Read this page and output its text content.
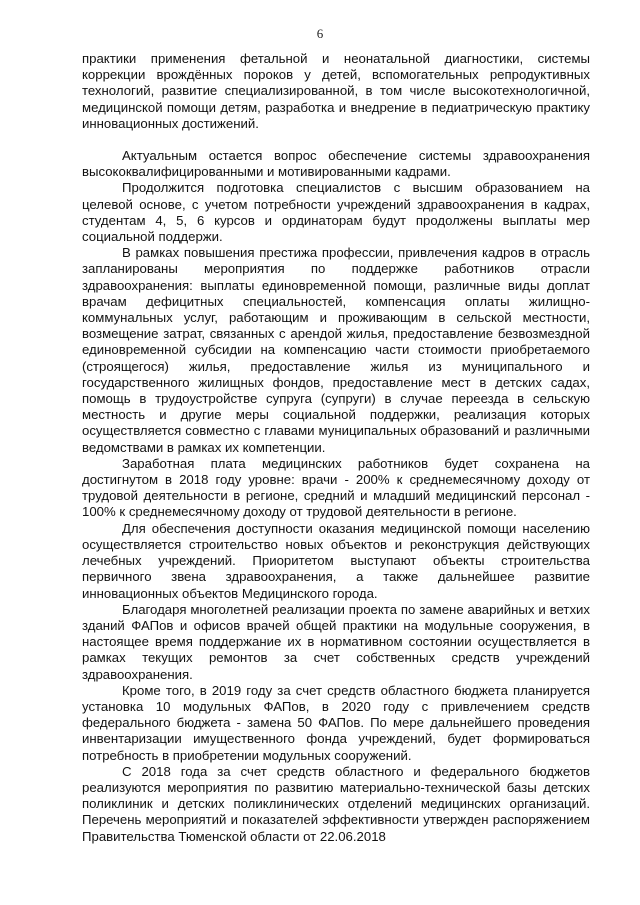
6

практики применения фетальной и неонатальной диагностики, системы коррекции врождённых пороков у детей, вспомогательных репродуктивных технологий, развитие специализированной, в том числе высокотехнологичной, медицинской помощи детям, разработка и внедрение в педиатрическую практику инновационных достижений.

Актуальным остается вопрос обеспечение системы здравоохранения высококвалифицированными и мотивированными кадрами.

Продолжится подготовка специалистов с высшим образованием на целевой основе, с учетом потребности учреждений здравоохранения в кадрах, студентам 4, 5, 6 курсов и ординаторам будут продолжены выплаты мер социальной поддержи.

В рамках повышения престижа профессии, привлечения кадров в отрасль запланированы мероприятия по поддержке работников отрасли здравоохранения: выплаты единовременной помощи, различные виды доплат врачам дефицитных специальностей, компенсация оплаты жилищно-коммунальных услуг, работающим и проживающим в сельской местности, возмещение затрат, связанных с арендой жилья, предоставление безвозмездной единовременной субсидии на компенсацию части стоимости приобретаемого (строящегося) жилья, предоставление жилья из муниципального и государственного жилищных фондов, предоставление мест в детских садах, помощь в трудоустройстве супруга (супруги) в случае переезда в сельскую местность и другие меры социальной поддержки, реализация которых осуществляется совместно с главами муниципальных образований и различными ведомствами в рамках их компетенции.

Заработная плата медицинских работников будет сохранена на достигнутом в 2018 году уровне: врачи - 200% к среднемесячному доходу от трудовой деятельности в регионе, средний и младший медицинский персонал - 100% к среднемесячному доходу от трудовой деятельности в регионе.

Для обеспечения доступности оказания медицинской помощи населению осуществляется строительство новых объектов и реконструкция действующих лечебных учреждений. Приоритетом выступают объекты строительства первичного звена здравоохранения, а также дальнейшее развитие инновационных объектов Медицинского города.

Благодаря многолетней реализации проекта по замене аварийных и ветхих зданий ФАПов и офисов врачей общей практики на модульные сооружения, в настоящее время поддержание их в нормативном состоянии осуществляется в рамках текущих ремонтов за счет собственных средств учреждений здравоохранения.

Кроме того, в 2019 году за счет средств областного бюджета планируется установка 10 модульных ФАПов, в 2020 году с привлечением средств федерального бюджета - замена 50 ФАПов. По мере дальнейшего проведения инвентаризации имущественного фонда учреждений, будет формироваться потребность в приобретении модульных сооружений.

С 2018 года за счет средств областного и федерального бюджетов реализуются мероприятия по развитию материально-технической базы детских поликлиник и детских поликлинических отделений медицинских организаций. Перечень мероприятий и показателей эффективности утвержден распоряжением Правительства Тюменской области от 22.06.2018
